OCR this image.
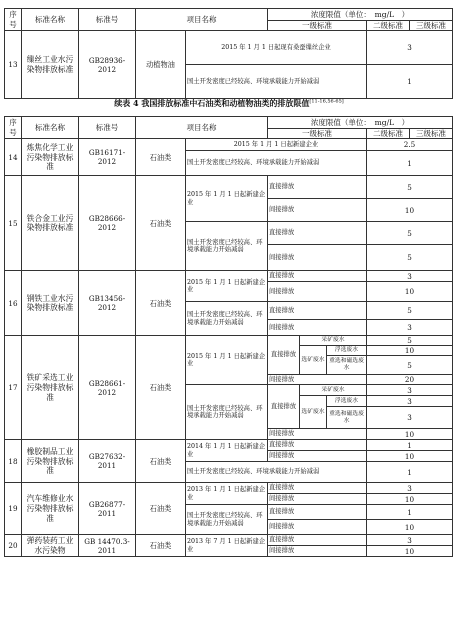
序号	标准名称	标准号	项目名称		浓度限值（单位：　mg/L　）		
					一级标准	二级标准	三级标准
13	缫丝工业水污染物排放标准	GB28936-2012	动植物油	2015 年 1 月 1 日起现有桑蚕缫丝企业		3	
				国土开发密度已经较高、环境承载能力开始减弱		1	
续表 4 我国排放标准中石油类和动植物油类的排放限值[11-16,56-65]
序号	标准名称	标准号	项目名称		浓度限值（单位：　mg/L　）				
					一级标准			二级标准	三级标准
14	炼焦化学工业污染物排放标准	GB16171-2012	石油类	2015 年 1 月 1 日起新建企业				2.5	
				国土开发密度已经较高、环境承载能力开始减弱				1	
15	铁合金工业污染物排放标准	GB28666-2012	石油类	2015 年 1 月 1 日起新建企业	直接排放			5	
					间接排放			10	
				国土开发密度已经较高、环境承载能力开始减弱	直接排放			5	
					间接排放			5	
16	钢铁工业水污染物排放标准	GB13456-2012	石油类	2015 年 1 月 1 日起新建企业	直接排放			3	
					间接排放			10	
				国土开发密度已经较高、环境承载能力开始减弱	直接排放			5	
					间接排放			3	
17	铁矿采选工业污染物排放标准	GB28661-2012	石油类	2015 年 1 月 1 日起新建企业	直接排放	采矿废水		5	
						选矿废水	浮选废水	10	
							重选和磁选废水	5	

					间接排放			20	
				国土开发密度已经较高、环境承载能力开始减弱	直接排放	采矿废水		3	
						选矿废水	浮选废水	3	
							重选和磁选废水	3	

					间接排放			10	
18	橡胶制品工业污染物排放标准	GB27632-2011	石油类	2014 年 1 月 1 日起新建企业	直接排放			1	
					间接排放			10	
				国土开发密度已经较高、环境承载能力开始减弱				1	
19	汽车维修业水污染物排放标准	GB26877-2011	石油类	2013 年 1 月 1 日起新建企业	直接排放			3	
					间接排放			10	
				国土开发密度已经较高、环境承载能力开始减弱	直接排放			1	
					间接排放			10	
20	弹药装药工业水污染物	GB 14470.3-2011	石油类	2013 年 7 月 1 日起新建企业	直接排放			3	
					间接排放			10	
